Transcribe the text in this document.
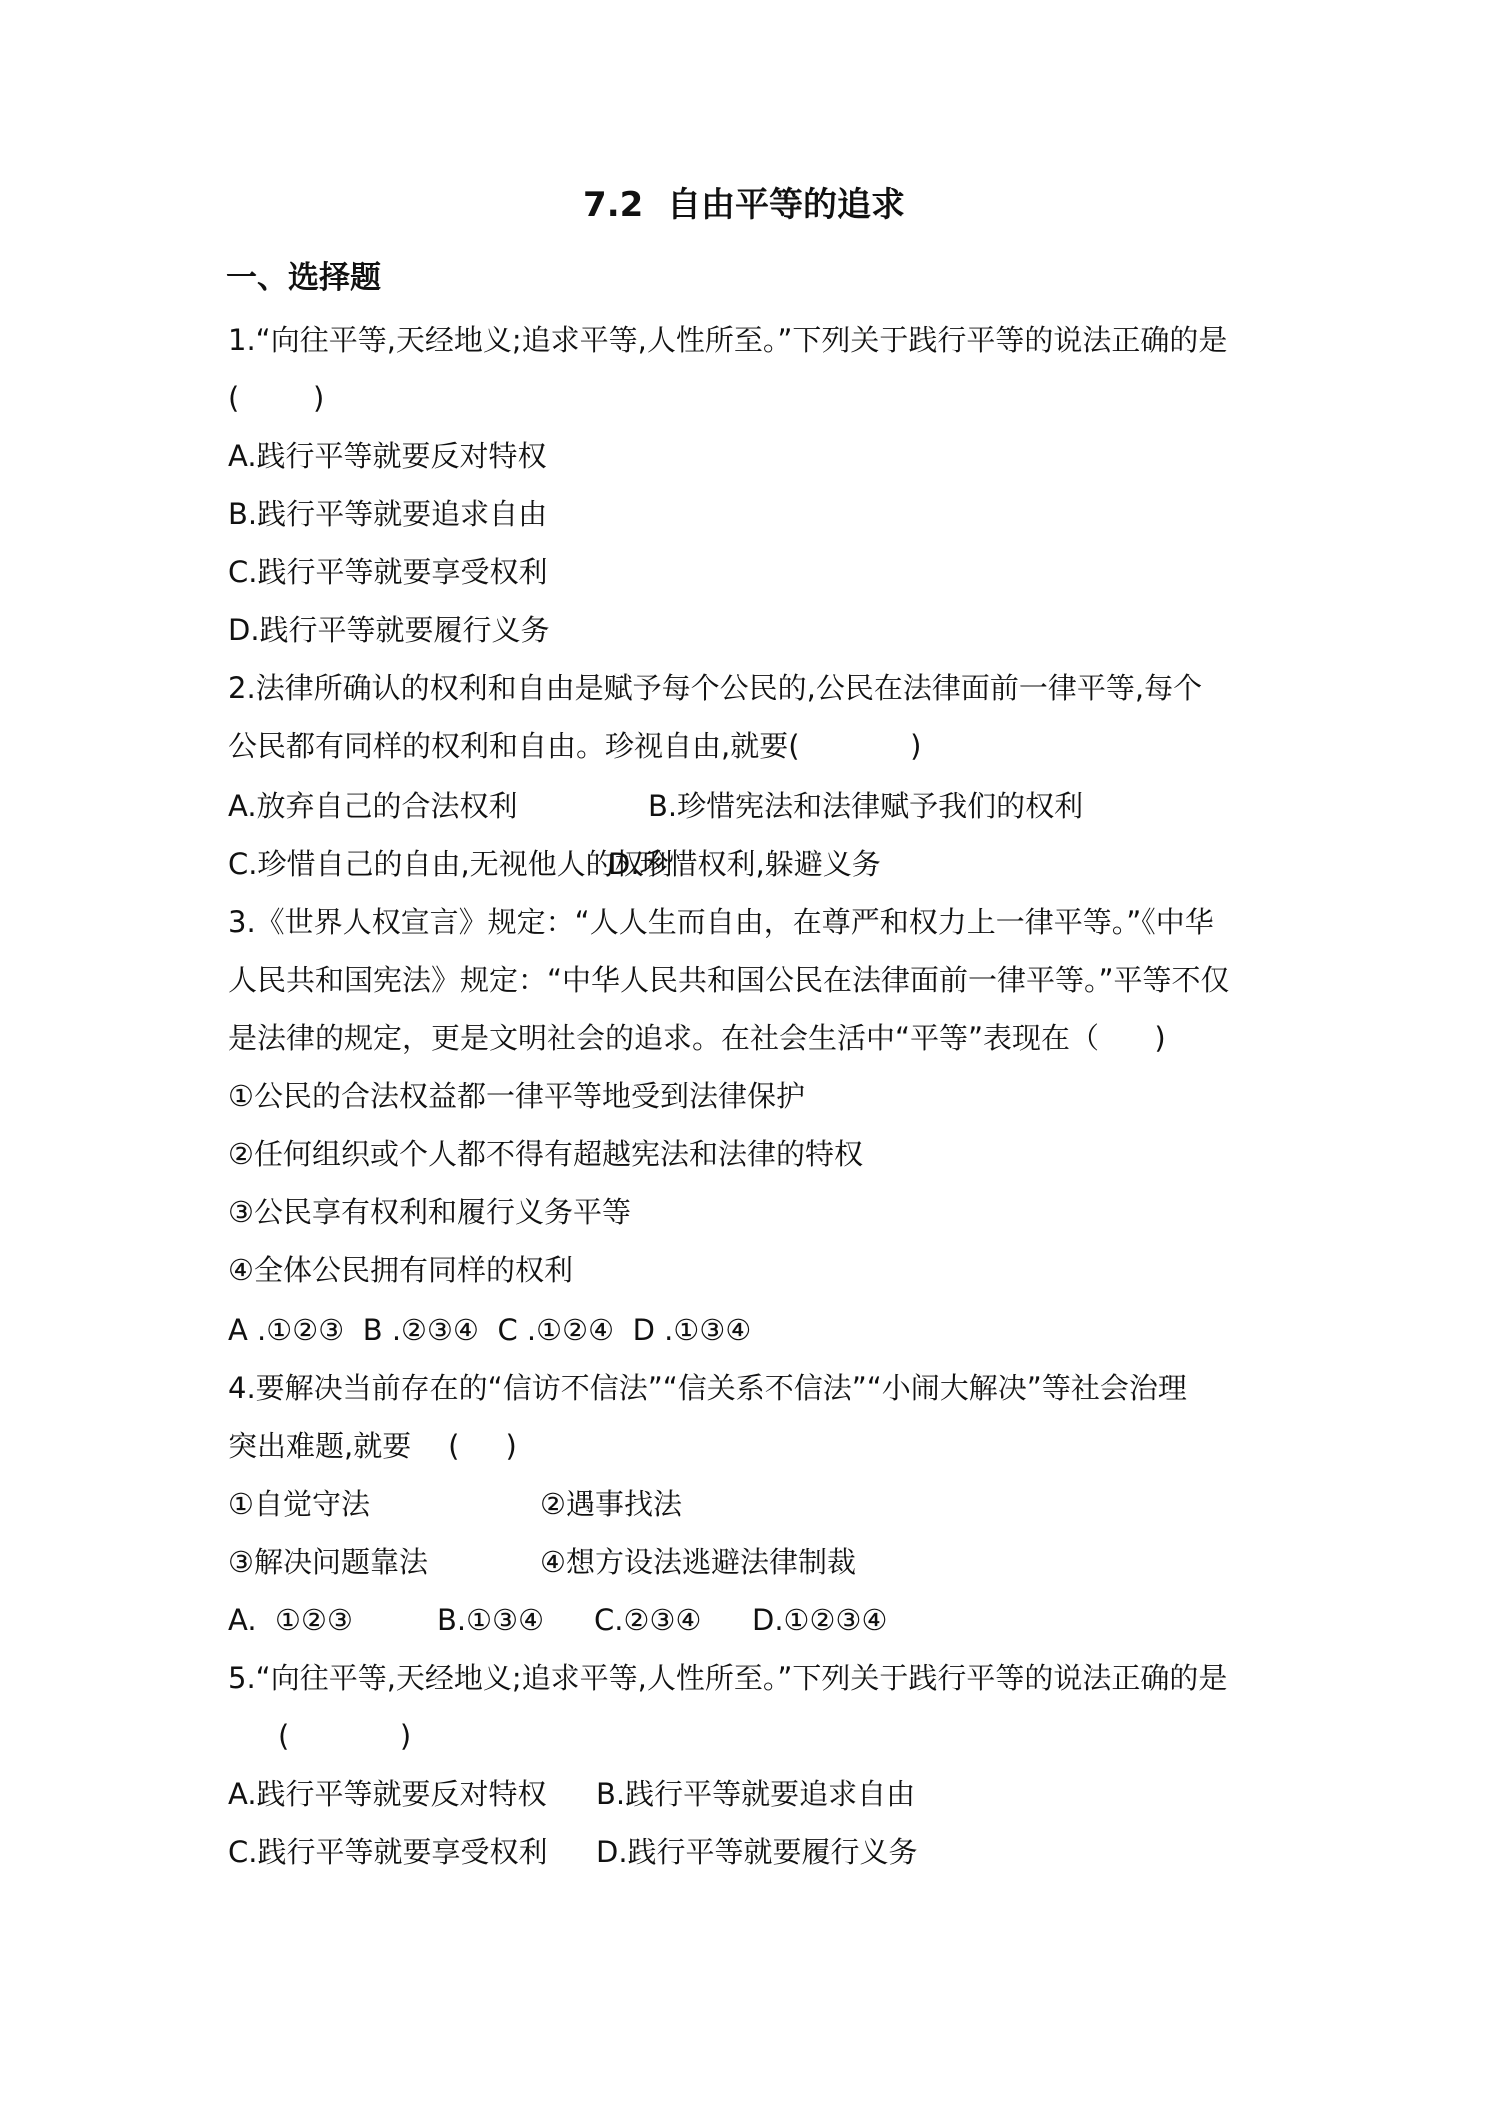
7.2  自由平等的追求
一、选择题
1.“向往平等,天经地义;追求平等,人性所至。”下列关于践行平等的说法正确的是
(        )
A.践行平等就要反对特权
B.践行平等就要追求自由
C.践行平等就要享受权利
D.践行平等就要履行义务
2.法律所确认的权利和自由是赋予每个公民的,公民在法律面前一律平等,每个
公民都有同样的权利和自由。珍视自由,就要(            )
A.放弃自己的合法权利	B.珍惜宪法和法律赋予我们的权利
C.珍惜自己的自由,无视他人的权利
D.珍惜权利,躲避义务
3.《世界人权宣言》规定：“人人生而自由，在尊严和权力上一律平等。”《中华
人民共和国宪法》规定：“中华人民共和国公民在法律面前一律平等。”平等不仅
是法律的规定，更是文明社会的追求。在社会生活中“平等”表现在（      )
①公民的合法权益都一律平等地受到法律保护
②任何组织或个人都不得有超越宪法和法律的特权
③公民享有权利和履行义务平等
④全体公民拥有同样的权利
A .①②③  B .②③④  C .①②④  D .①③④
4.要解决当前存在的“信访不信法”“信关系不信法”“小闹大解决”等社会治理
突出难题,就要    (     )
①自觉守法	②遇事找法
③解决问题靠法	④想方设法逃避法律制裁
A.  ①②③	B.①③④ C.②③④ D.①②③④
5.“向往平等,天经地义;追求平等,人性所至。”下列关于践行平等的说法正确的是
(            )
A.践行平等就要反对特权 B.践行平等就要追求自由
C.践行平等就要享受权利 D.践行平等就要履行义务
